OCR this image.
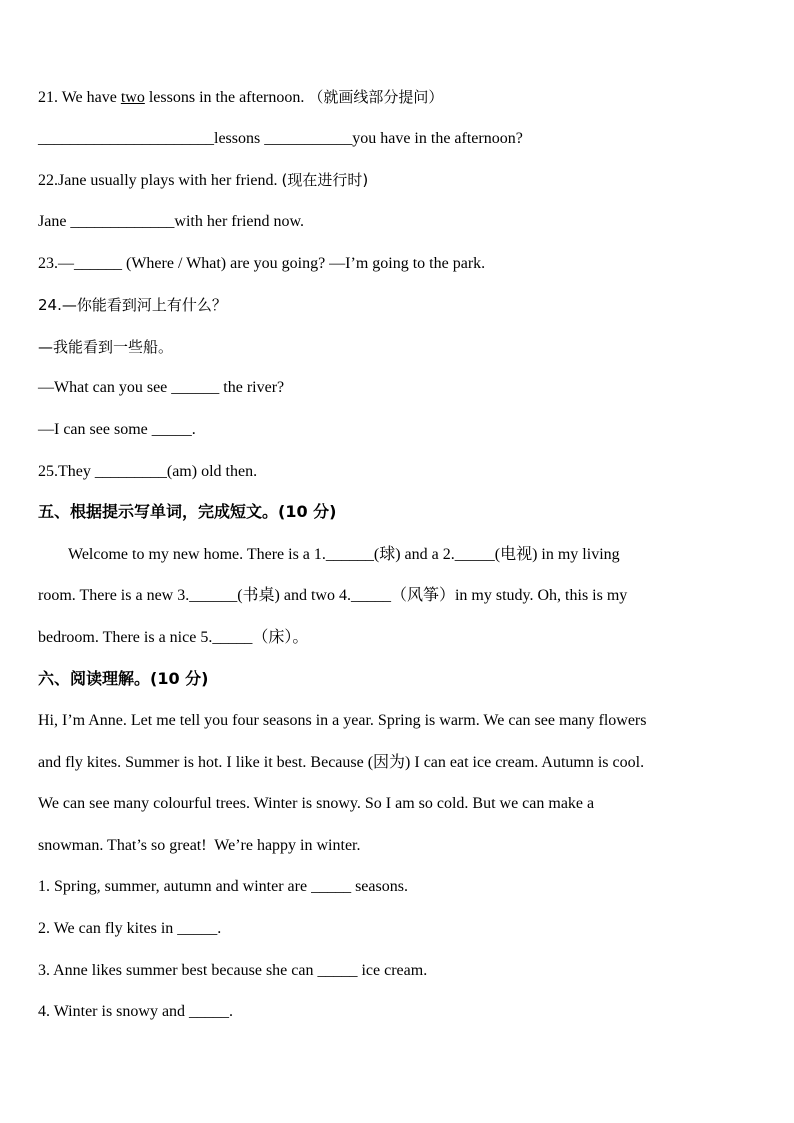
21. We have two lessons in the afternoon. （就画线部分提问）
______________________lessons ___________you have in the afternoon?
22.Jane usually plays with her friend. (现在进行时)
Jane _____________with her friend now.
23.—______ (Where / What) are you going? —I’m going to the park.
24.—你能看到河上有什么？
—我能看到一些船。
—What can you see ______ the river?
—I can see some _____.
25.They _________(am) old then.
五、根据提示写单词，完成短文。(10 分)
Welcome to my new home. There is a 1.______(球) and a 2._____(电视) in my living
room. There is a new 3.______(书桌) and two 4._____（风筝）in my study. Oh, this is my
bedroom. There is a nice 5._____（床）。
六、阅读理解。(10 分)
Hi, I’m Anne. Let me tell you four seasons in a year. Spring is warm. We can see many flowers
and fly kites. Summer is hot. I like it best. Because (因为) I can eat ice cream. Autumn is cool.
We can see many colourful trees. Winter is snowy. So I am so cold. But we can make a
snowman. That’s so great!  We’re happy in winter.
1. Spring, summer, autumn and winter are _____ seasons.
2. We can fly kites in _____.
3. Anne likes summer best because she can _____ ice cream.
4. Winter is snowy and _____.
